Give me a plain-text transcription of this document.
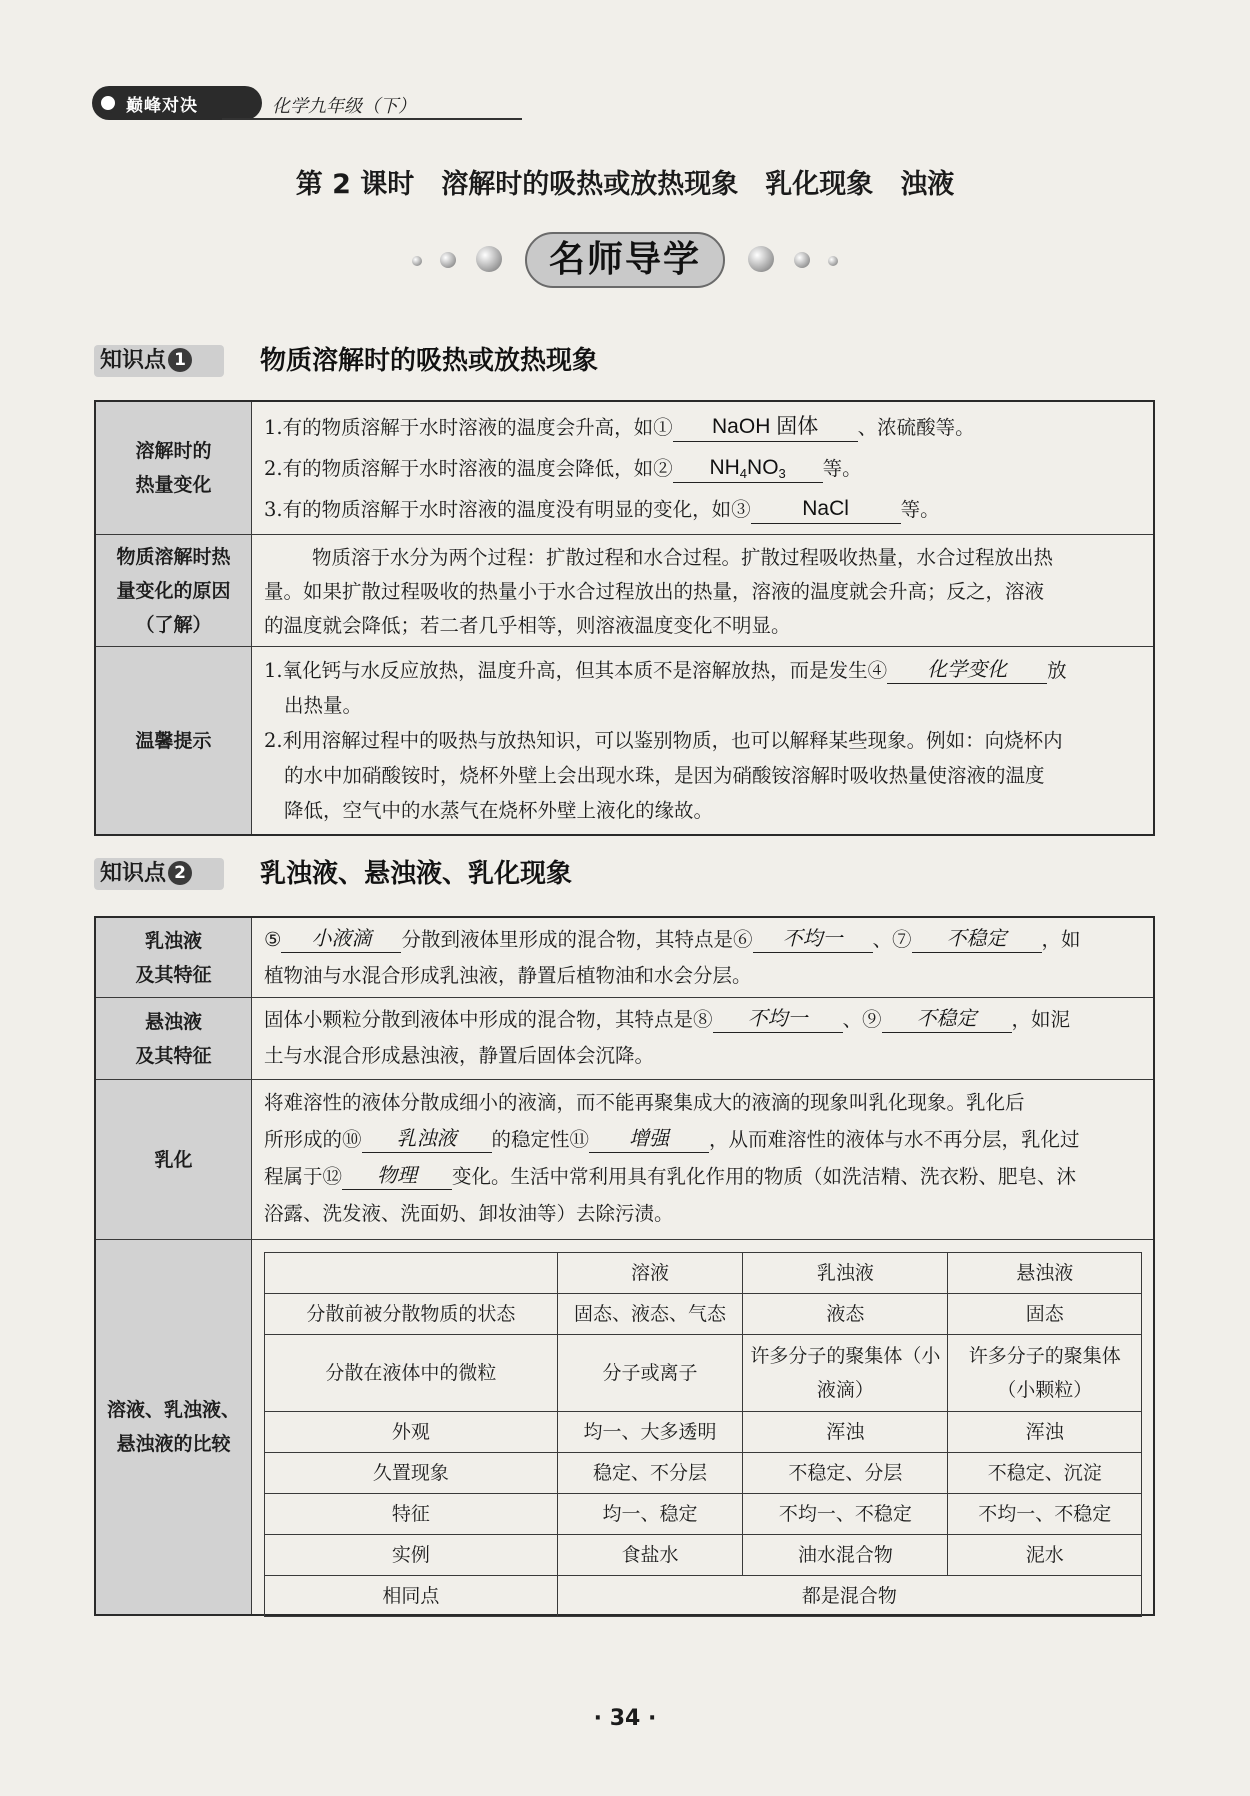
巅峰对决	化学九年级（下）
第 2 课时　溶解时的吸热或放热现象　乳化现象　浊液
名师导学
知识点 1	物质溶解时的吸热或放热现象
溶解时的
热量变化
1.有的物质溶解于水时溶液的温度会升高，如① NaOH 固体 、浓硫酸等。
2.有的物质溶解于水时溶液的温度会降低，如② $NH_4NO_3$ 等。
3.有的物质溶解于水时溶液的温度没有明显的变化，如③ NaCl	等。
物质溶解时热
量变化的原因
（了解）
物质溶于水分为两个过程：扩散过程和水合过程。扩散过程吸收热量，水合过程放出热
量。如果扩散过程吸收的热量小于水合过程放出的热量，溶液的温度就会升高；反之，溶液
的温度就会降低；若二者几乎相等，则溶液温度变化不明显。
温馨提示
1.氧化钙与水反应放热，温度升高，但其本质不是溶解放热，而是发生④ 化学变化 放
出热量。
2.利用溶解过程中的吸热与放热知识，可以鉴别物质，也可以解释某些现象。例如：向烧杯内
的水中加硝酸铵时，烧杯外壁上会出现水珠，是因为硝酸铵溶解时吸收热量使溶液的温度
降低，空气中的水蒸气在烧杯外壁上液化的缘故。
知识点 2	乳浊液、悬浊液、乳化现象
乳浊液
及其特征
⑤ 小液滴 分散到液体里形成的混合物，其特点是⑥ 不均一 、⑦ 不稳定 ，如
植物油与水混合形成乳浊液，静置后植物油和水会分层。
悬浊液
及其特征
固体小颗粒分散到液体中形成的混合物，其特点是⑧ 不均一 、⑨ 不稳定 ，如泥
土与水混合形成悬浊液，静置后固体会沉降。
乳化
将难溶性的液体分散成细小的液滴，而不能再聚集成大的液滴的现象叫乳化现象。乳化后
所形成的⑩ 乳浊液 的稳定性⑪ 增强 ，从而难溶性的液体与水不再分层，乳化过
程属于⑫ 物理 变化。生活中常利用具有乳化作用的物质（如洗洁精、洗衣粉、肥皂、沐
浴露、洗发液、洗面奶、卸妆油等）去除污渍。
溶液、乳浊液、
悬浊液的比较
	溶液	乳浊液	悬浊液
分散前被分散物质的状态	固态、液态、气态	液态	固态
分散在液体中的微粒	分子或离子	许多分子的聚集体（小液滴）	许多分子的聚集体（小颗粒）
外观	均一、大多透明	浑浊	浑浊
久置现象	稳定、不分层	不稳定、分层	不稳定、沉淀
特征	均一、稳定	不均一、不稳定	不均一、不稳定
实例	食盐水	油水混合物	泥水
相同点	都是混合物		
· 34 ·
